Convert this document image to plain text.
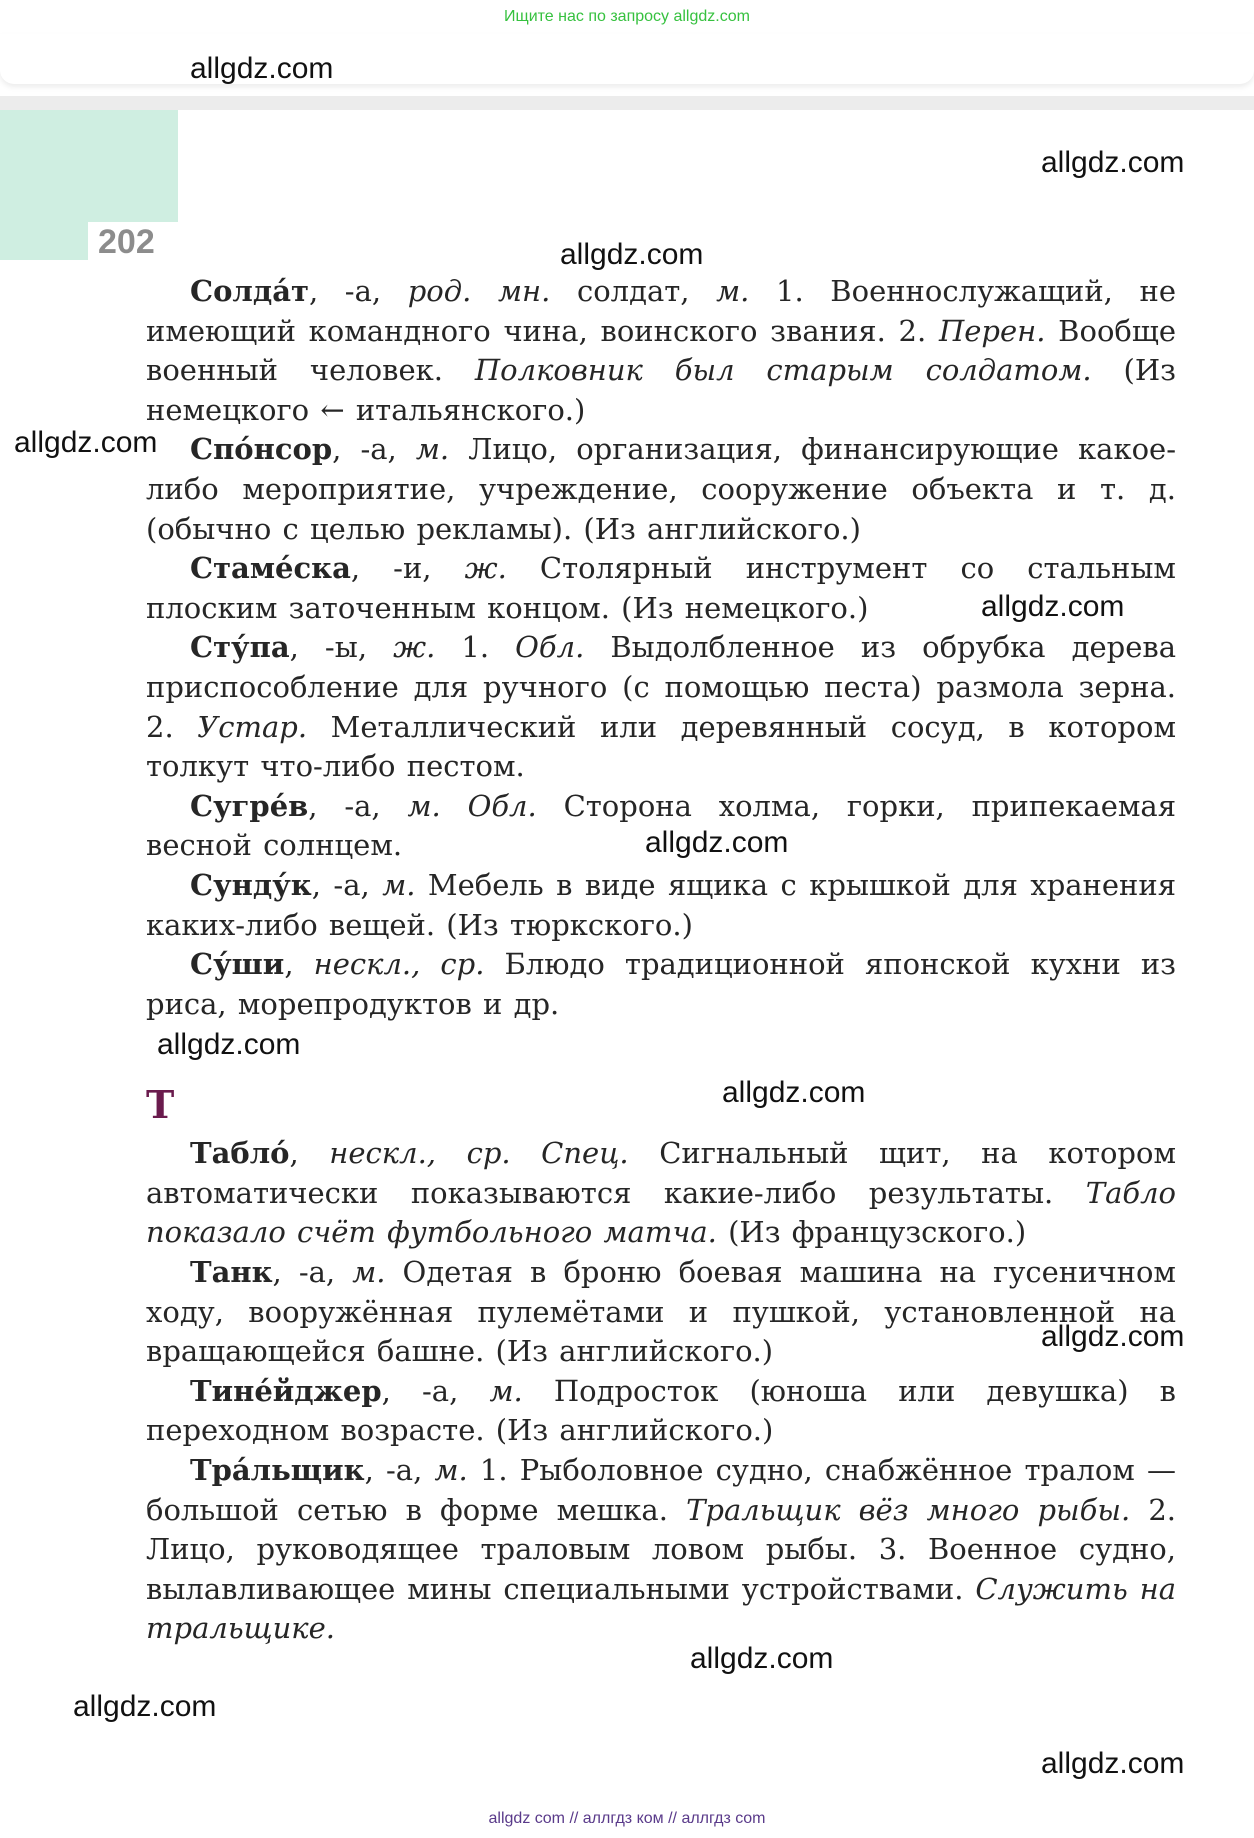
Ищите нас по запросу allgdz.com
202

Солда́т, -а, род. мн. солдат, м. 1. Военнослужащий, не имеющий командного чина, воинского звания. 2. Перен. Вообще военный человек. Полковник был старым солдатом. (Из немецкого ← итальянского.)

Спо́нсор, -а, м. Лицо, организация, финансирующие какое-либо мероприятие, учреждение, сооружение объекта и т. д. (обычно с целью рекламы). (Из английского.)

Стаме́ска, -и, ж. Столярный инструмент со стальным плоским заточенным концом. (Из немецкого.)

Сту́па, -ы, ж. 1. Обл. Выдолбленное из обрубка дерева приспособление для ручного (с помощью песта) размола зерна. 2. Устар. Металлический или деревянный сосуд, в котором толкут что-либо пестом.

Сугре́в, -а, м. Обл. Сторона холма, горки, припекаемая весной солнцем.

Сунду́к, -а, м. Мебель в виде ящика с крышкой для хранения каких-либо вещей. (Из тюркского.)

Су́ши, нескл., ср. Блюдо традиционной японской кухни из риса, морепродуктов и др.

Т

Табло́, нескл., ср. Спец. Сигнальный щит, на котором автоматически показываются какие-либо результаты. Табло показало счёт футбольного матча. (Из французского.)

Танк, -а, м. Одетая в броню боевая машина на гусеничном ходу, вооружённая пулемётами и пушкой, установленной на вращающейся башне. (Из английского.)

Тине́йджер, -а, м. Подросток (юноша или девушка) в переходном возрасте. (Из английского.)

Тра́льщик, -а, м. 1. Рыболовное судно, снабжённое тралом — большой сетью в форме мешка. Тральщик вёз много рыбы. 2. Лицо, руководящее траловым ловом рыбы. 3. Военное судно, вылавливающее мины специальными устройствами. Служить на тральщике.

allgdz.com
allgdz.com
allgdz.com
allgdz.com
allgdz.com
allgdz.com
allgdz.com
allgdz.com
allgdz.com
allgdz.com
allgdz.com
allgdz.com
allgdz com // аллгдз ком // аллгдз com
